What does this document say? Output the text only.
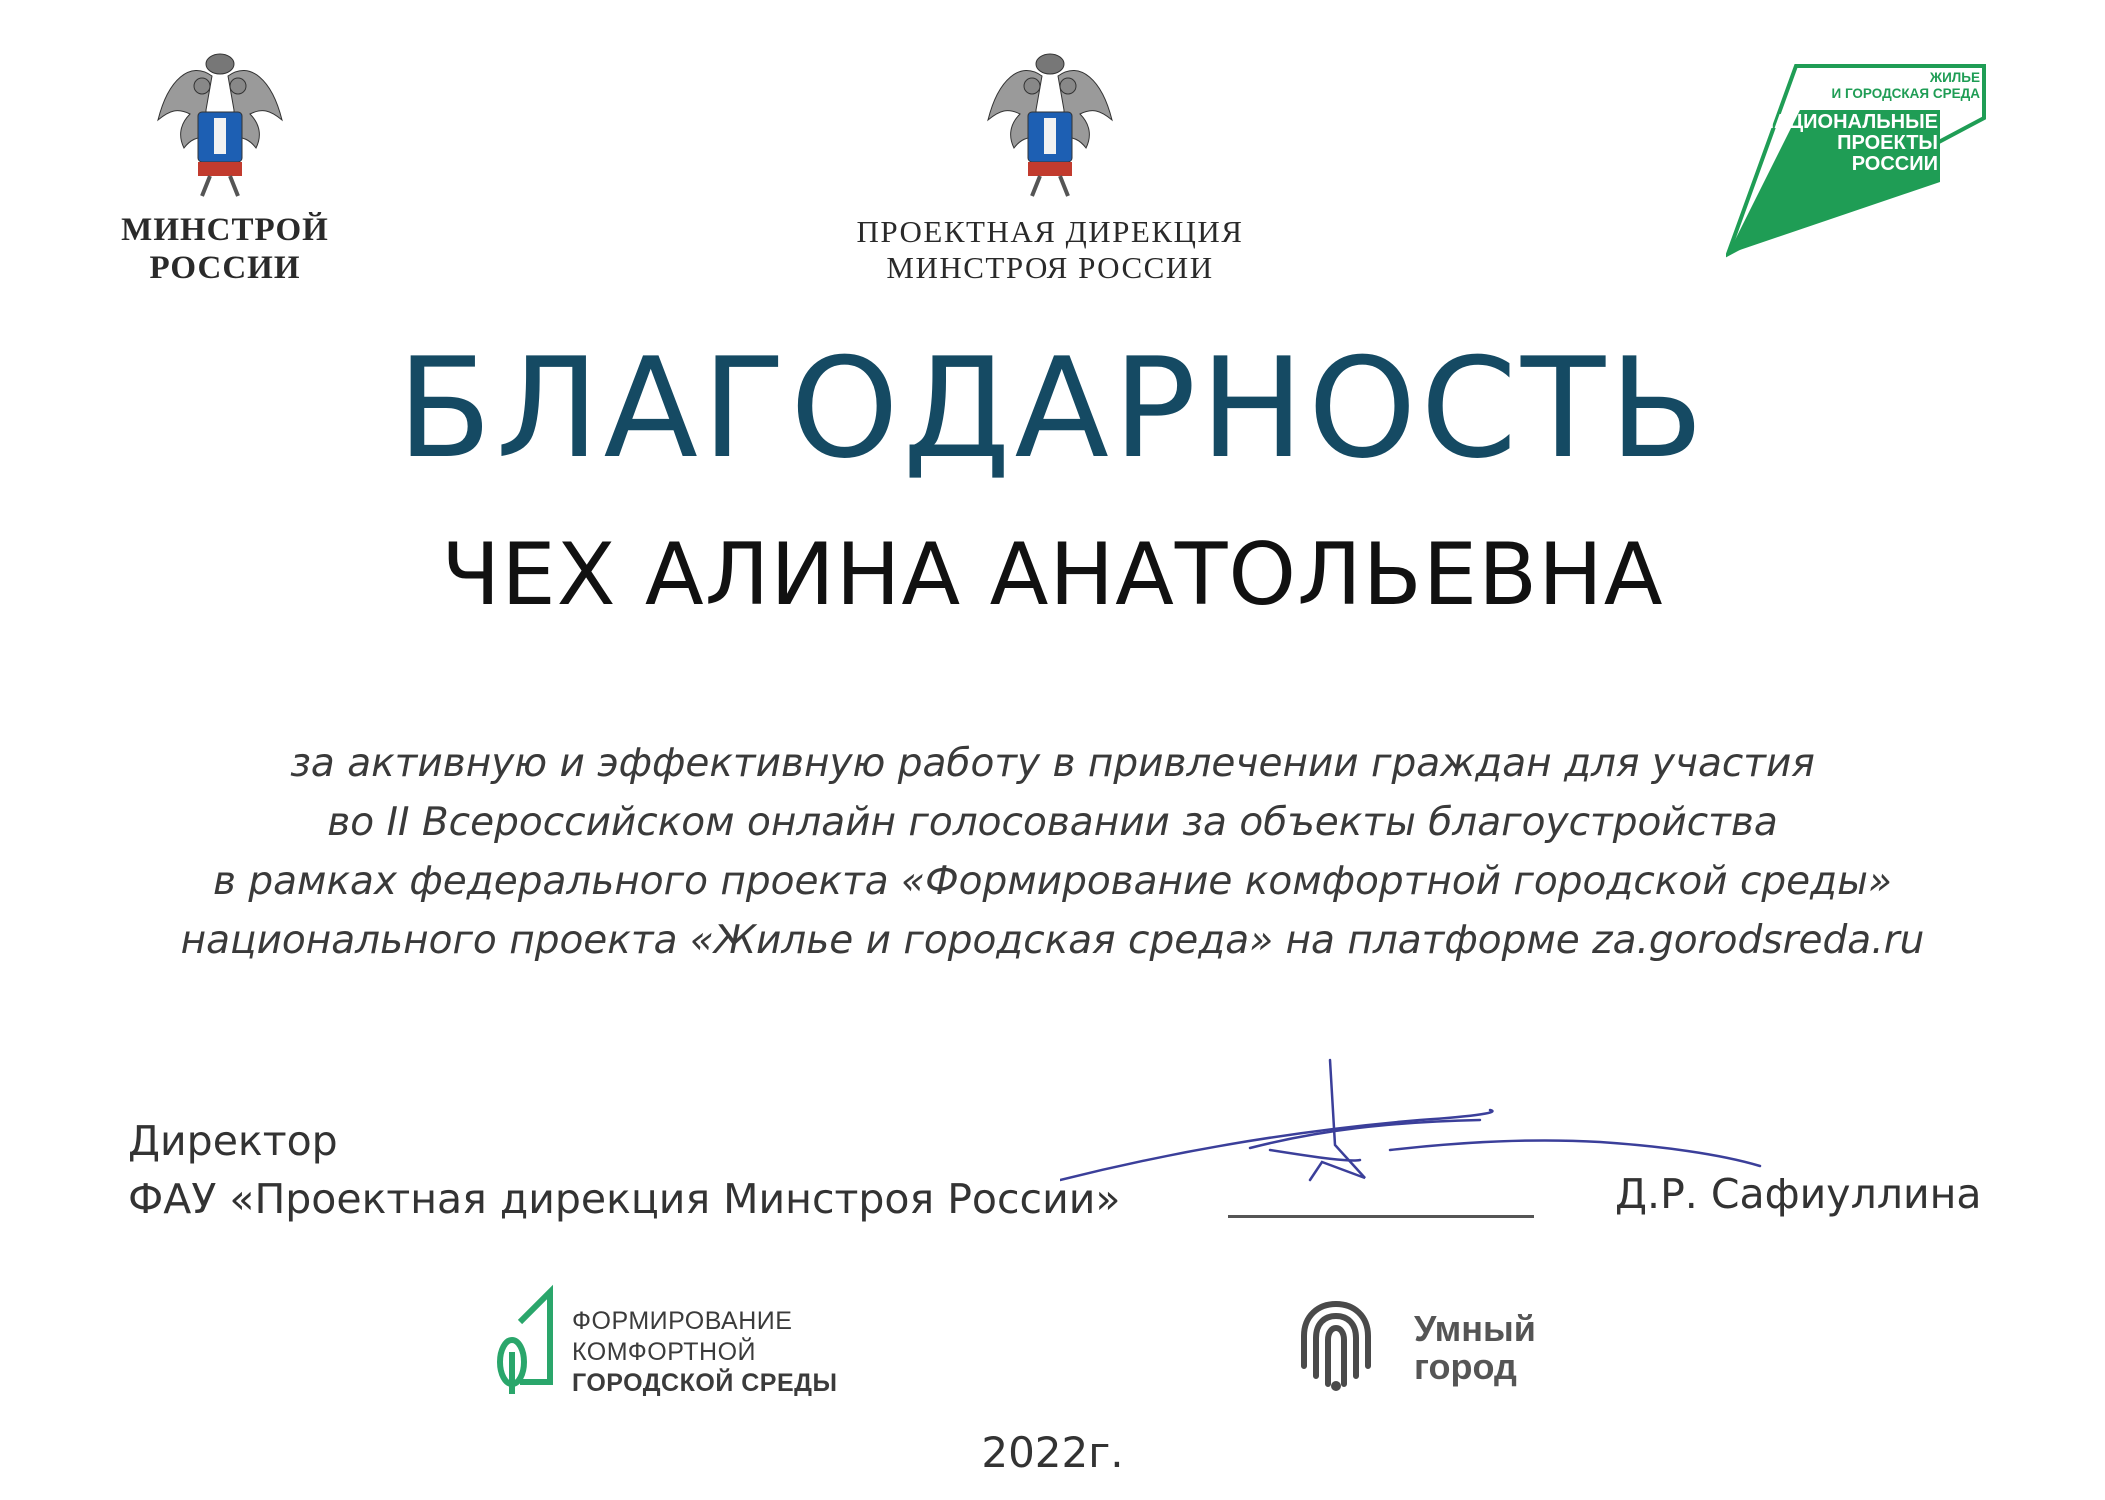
МИНСТРОЙ
РОССИИ
ПРОЕКТНАЯ ДИРЕКЦИЯ
МИНСТРОЯ РОССИИ
ЖИЛЬЕ
И ГОРОДСКАЯ СРЕДА
НАЦИОНАЛЬНЫЕ
ПРОЕКТЫ
РОССИИ
БЛАГОДАРНОСТЬ
ЧЕХ АЛИНА АНАТОЛЬЕВНА
за активную и эффективную работу в привлечении граждан для участия
во II Всероссийском онлайн голосовании за объекты благоустройства
в рамках федерального проекта «Формирование комфортной городской среды»
национального проекта «Жилье и городская среда» на платформе za.gorodsreda.ru
Директор
ФАУ «Проектная дирекция Минстроя России»	Д.Р. Сафиуллина
ФОРМИРОВАНИЕ
КОМФОРТНОЙ
ГОРОДСКОЙ СРЕДЫ
Умный
город
2022г.
